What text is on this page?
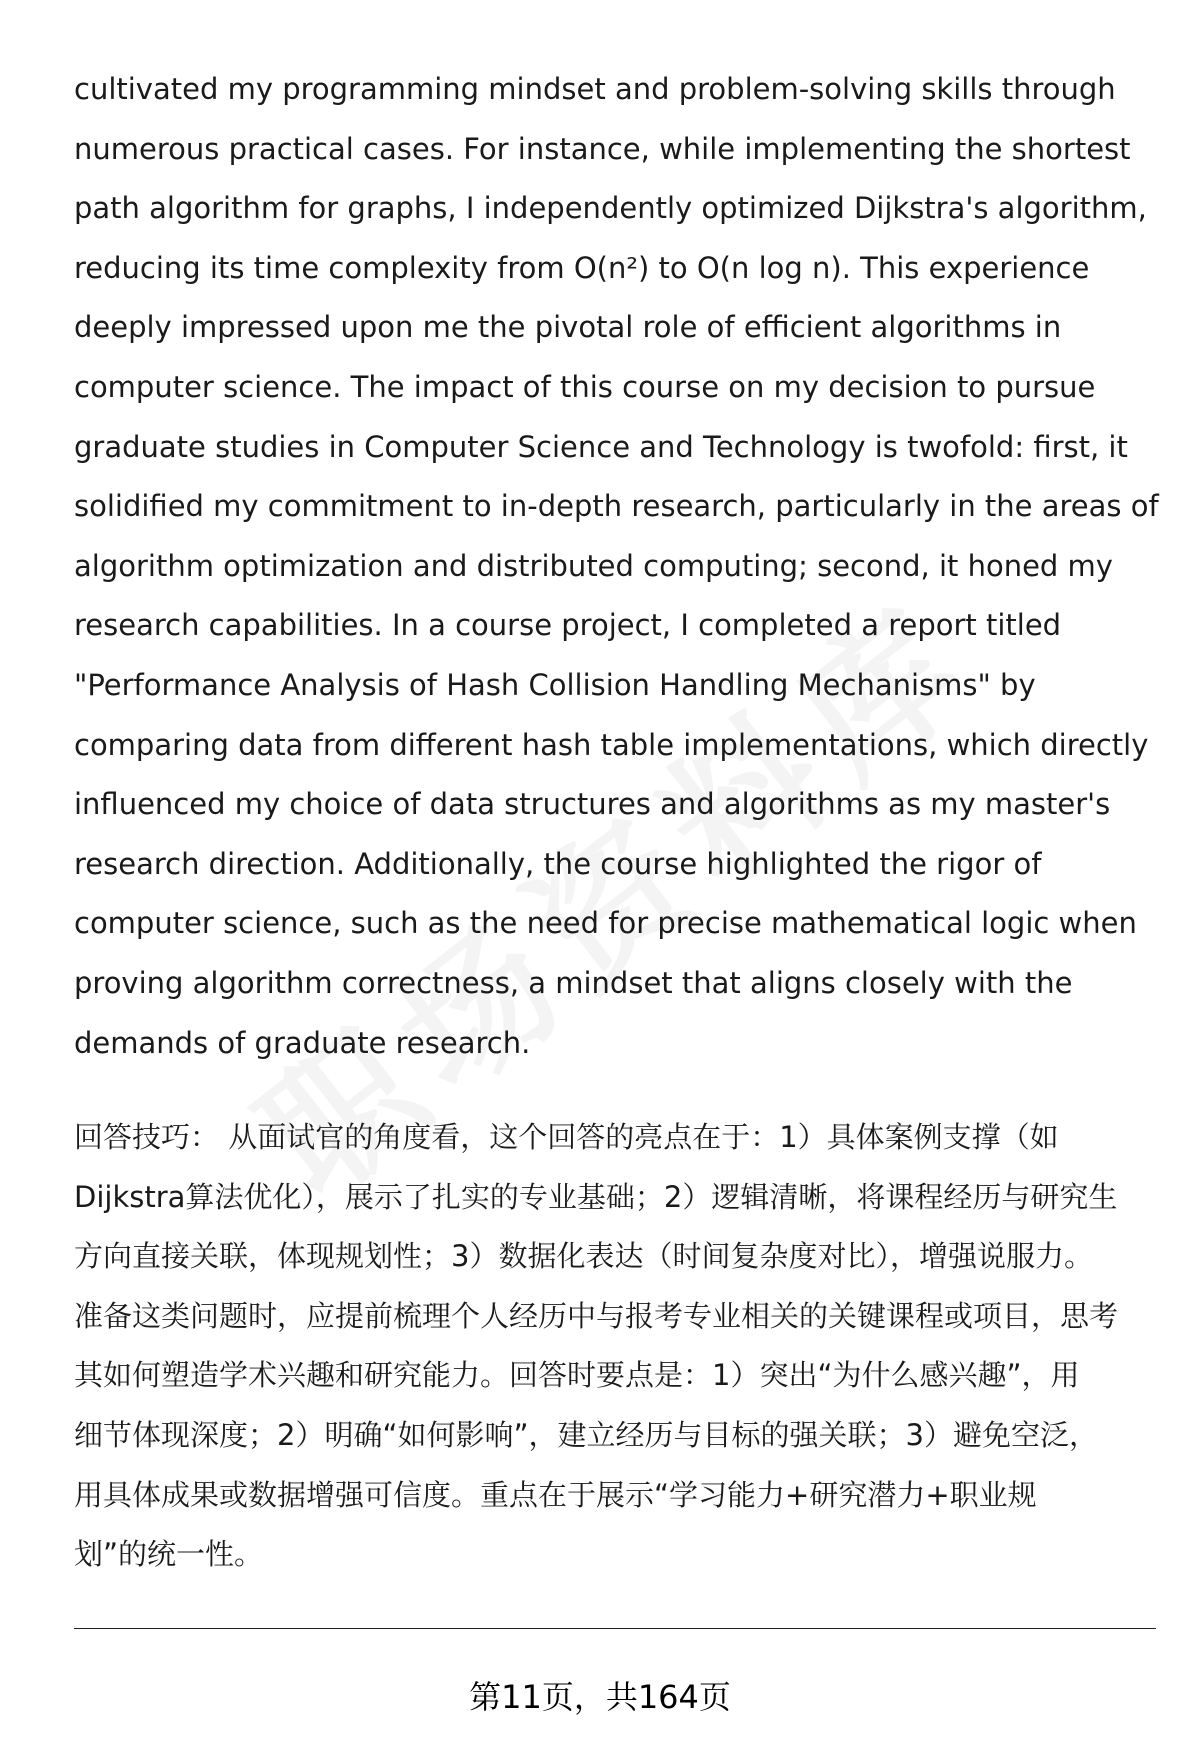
cultivated my programming mindset and problem-solving skills through
numerous practical cases. For instance, while implementing the shortest
path algorithm for graphs, I independently optimized Dijkstra's algorithm,
reducing its time complexity from O(n²) to O(n log n). This experience
deeply impressed upon me the pivotal role of efficient algorithms in
computer science. The impact of this course on my decision to pursue
graduate studies in Computer Science and Technology is twofold: first, it
solidified my commitment to in-depth research, particularly in the areas of
algorithm optimization and distributed computing; second, it honed my
research capabilities. In a course project, I completed a report titled
"Performance Analysis of Hash Collision Handling Mechanisms" by
comparing data from different hash table implementations, which directly
influenced my choice of data structures and algorithms as my master's
research direction. Additionally, the course highlighted the rigor of
computer science, such as the need for precise mathematical logic when
proving algorithm correctness, a mindset that aligns closely with the
demands of graduate research.

回答技巧： 从面试官的角度看，这个回答的亮点在于：1）具体案例支撑（如
Dijkstra算法优化），展示了扎实的专业基础；2）逻辑清晰，将课程经历与研究生
方向直接关联，体现规划性；3）数据化表达（时间复杂度对比），增强说服力。
准备这类问题时，应提前梳理个人经历中与报考专业相关的关键课程或项目，思考
其如何塑造学术兴趣和研究能力。回答时要点是：1）突出“为什么感兴趣”，用
细节体现深度；2）明确“如何影响”，建立经历与目标的强关联；3）避免空泛，
用具体成果或数据增强可信度。重点在于展示“学习能力+研究潜力+职业规
划”的统一性。

第11页，共164页
